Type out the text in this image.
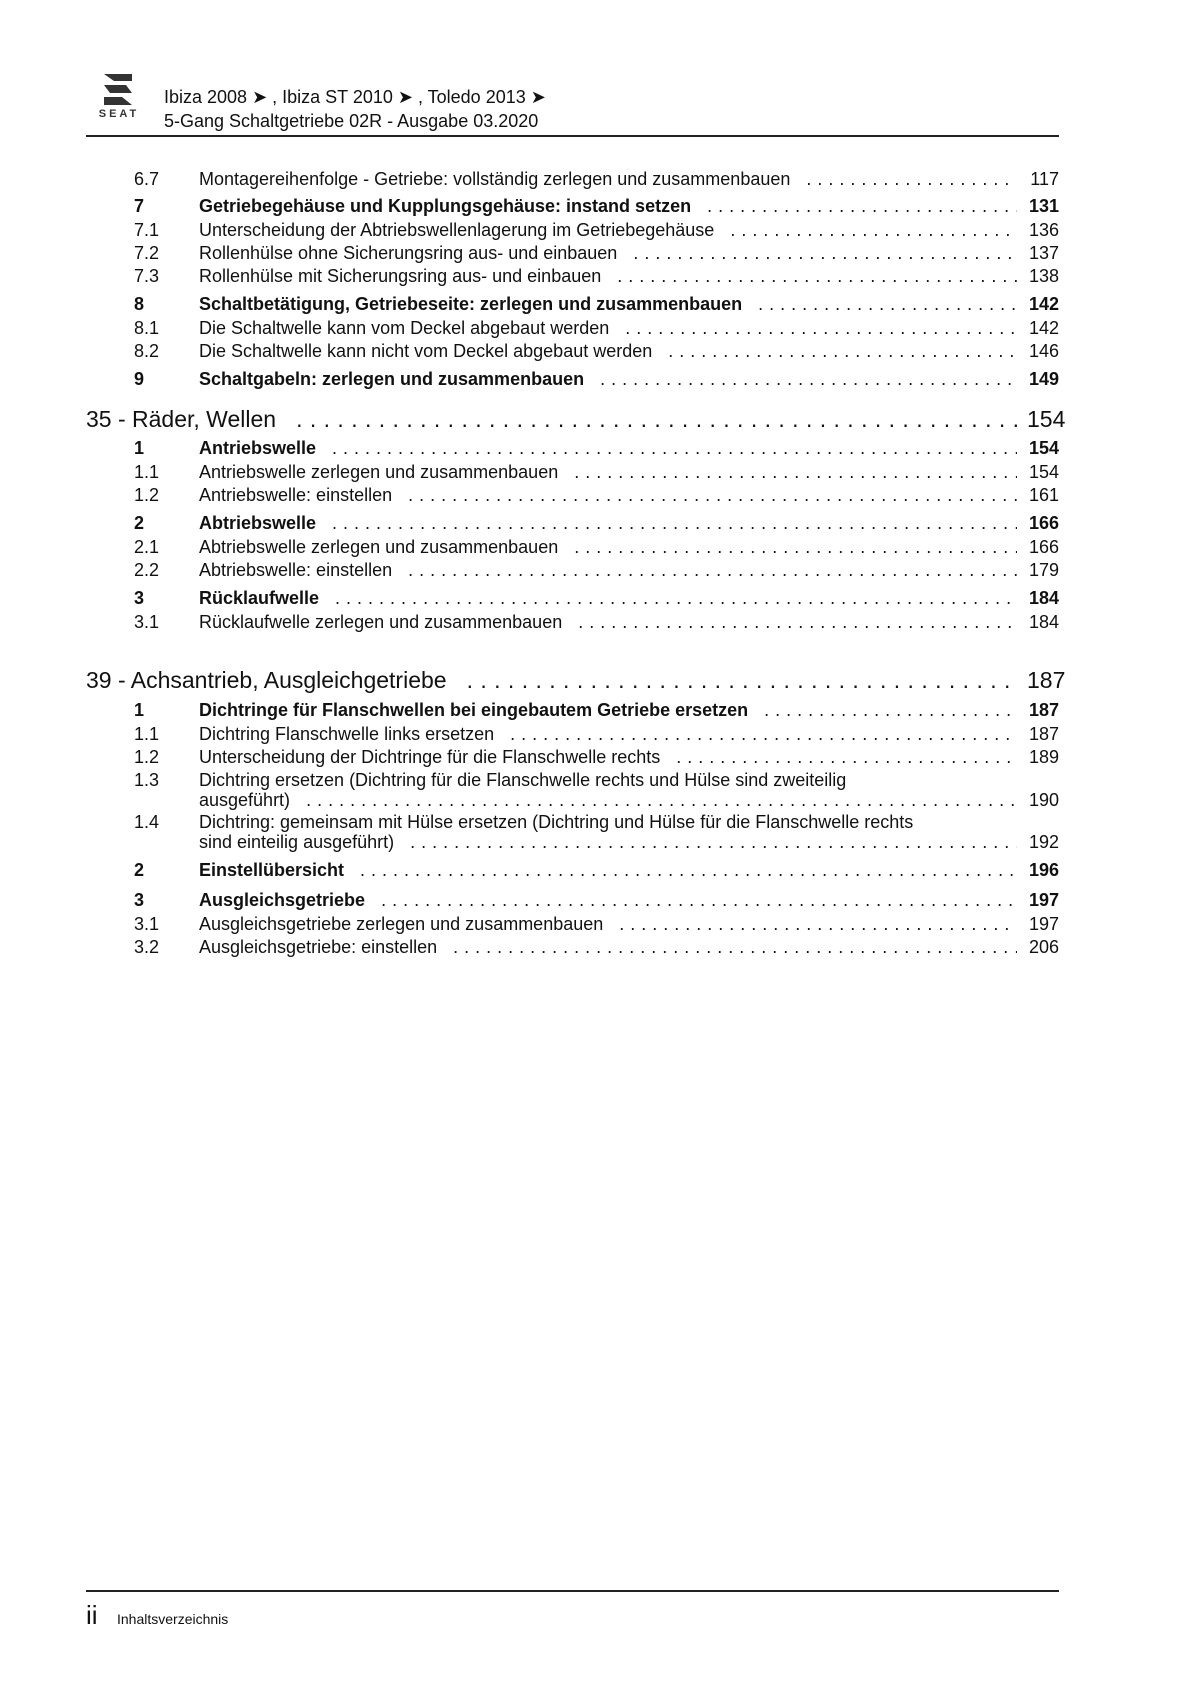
SEAT
Ibiza 2008 ➤ , Ibiza ST 2010 ➤ , Toledo 2013 ➤
5-Gang Schaltgetriebe 02R - Ausgabe 03.2020
6.7 Montagereihenfolge - Getriebe: vollständig zerlegen und zusammenbauen . . .	117
7	Getriebegehäuse und Kupplungsgehäuse: instand setzen . . .	131
7.1 Unterscheidung der Abtriebswellenlagerung im Getriebegehäuse . . .	136
7.2 Rollenhülse ohne Sicherungsring aus- und einbauen . . .	137
7.3 Rollenhülse mit Sicherungsring aus- und einbauen . . .	138
8	Schaltbetätigung, Getriebeseite: zerlegen und zusammenbauen . . .	142
8.1 Die Schaltwelle kann vom Deckel abgebaut werden . . .	142
8.2 Die Schaltwelle kann nicht vom Deckel abgebaut werden . . .	146
9	Schaltgabeln: zerlegen und zusammenbauen . . .	149
35 - Räder, Wellen . . .	154
1	Antriebswelle . . .	154
1.1 Antriebswelle zerlegen und zusammenbauen . . .	154
1.2 Antriebswelle: einstellen . . .	161
2	Abtriebswelle . . .	166
2.1 Abtriebswelle zerlegen und zusammenbauen . . .	166
2.2 Abtriebswelle: einstellen . . .	179
3	Rücklaufwelle . . .	184
3.1 Rücklaufwelle zerlegen und zusammenbauen . . .	184
39 - Achsantrieb, Ausgleichgetriebe . . .	187
1	Dichtringe für Flanschwellen bei eingebautem Getriebe ersetzen . . .	187
1.1 Dichtring Flanschwelle links ersetzen . . .	187
1.2 Unterscheidung der Dichtringe für die Flanschwelle rechts . . .	189
1.3 Dichtring ersetzen (Dichtring für die Flanschwelle rechts und Hülse sind zweiteilig
ausgeführt) . . .	190
1.4 Dichtring: gemeinsam mit Hülse ersetzen (Dichtring und Hülse für die Flanschwelle rechts
sind einteilig ausgeführt) . . .	192
2	Einstellübersicht . . .	196
3	Ausgleichsgetriebe . . .	197
3.1 Ausgleichsgetriebe zerlegen und zusammenbauen . . .	197
3.2 Ausgleichsgetriebe: einstellen . . .	206
ii Inhaltsverzeichnis
